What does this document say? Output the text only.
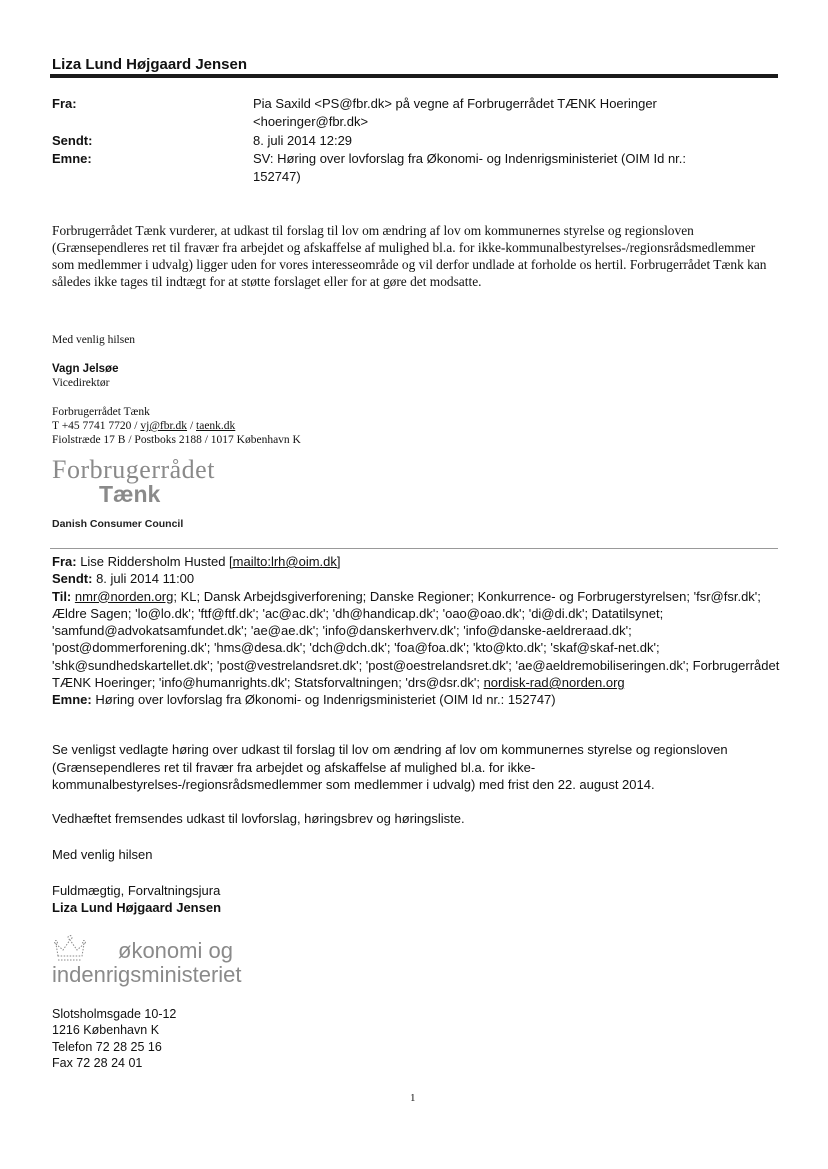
Liza Lund Højgaard Jensen
Fra:	Pia Saxild <PS@fbr.dk> på vegne af Forbrugerrådet TÆNK Hoeringer
<hoeringer@fbr.dk>
Sendt:	8. juli 2014 12:29
Emne:	SV: Høring over lovforslag fra Økonomi- og Indenrigsministeriet (OIM Id nr.:
152747)
Forbrugerrådet Tænk vurderer, at udkast til forslag til lov om ændring af lov om kommunernes styrelse og regionsloven (Grænsependleres ret til fravær fra arbejdet og afskaffelse af mulighed bl.a. for ikke-kommunalbestyrelses-/regionsrådsmedlemmer som medlemmer i udvalg) ligger uden for vores interesseområde og vil derfor undlade at forholde os hertil. Forbrugerrådet Tænk kan således ikke tages til indtægt for at støtte forslaget eller for at gøre det modsatte.
Med venlig hilsen
Vagn Jelsøe
Vicedirektør
Forbrugerrådet Tænk
T +45 7741 7720 / vj@fbr.dk / taenk.dk
Fiolstræde 17 B / Postboks 2188 / 1017 København K
Forbrugerrådet
Tænk
Danish Consumer Council
Fra: Lise Riddersholm Husted [mailto:lrh@oim.dk]
Sendt: 8. juli 2014 11:00
Til: nmr@norden.org; KL; Dansk Arbejdsgiverforening; Danske Regioner; Konkurrence- og Forbrugerstyrelsen; 'fsr@fsr.dk'; Ældre Sagen; 'lo@lo.dk'; 'ftf@ftf.dk'; 'ac@ac.dk'; 'dh@handicap.dk'; 'oao@oao.dk'; 'di@di.dk'; Datatilsynet; 'samfund@advokatsamfundet.dk'; 'ae@ae.dk'; 'info@danskerhverv.dk'; 'info@danske-aeldreraad.dk'; 'post@dommerforening.dk'; 'hms@desa.dk'; 'dch@dch.dk'; 'foa@foa.dk'; 'kto@kto.dk'; 'skaf@skaf-net.dk'; 'shk@sundhedskartellet.dk'; 'post@vestrelandsret.dk'; 'post@oestrelandsret.dk'; 'ae@aeldremobiliseringen.dk'; Forbrugerrådet TÆNK Hoeringer; 'info@humanrights.dk'; Statsforvaltningen; 'drs@dsr.dk'; nordisk-rad@norden.org
Emne: Høring over lovforslag fra Økonomi- og Indenrigsministeriet (OIM Id nr.: 152747)
Se venligst vedlagte høring over udkast til forslag til lov om ændring af lov om kommunernes styrelse og regionsloven (Grænsependleres ret til fravær fra arbejdet og afskaffelse af mulighed bl.a. for ikke-kommunalbestyrelses-/regionsrådsmedlemmer som medlemmer i udvalg) med frist den 22. august 2014.
Vedhæftet fremsendes udkast til lovforslag, høringsbrev og høringsliste.
Med venlig hilsen
Fuldmægtig, Forvaltningsjura
Liza Lund Højgaard Jensen
økonomi og
indenrigsministeriet
Slotsholmsgade 10-12
1216 København K
Telefon 72 28 25 16
Fax 72 28 24 01
1
